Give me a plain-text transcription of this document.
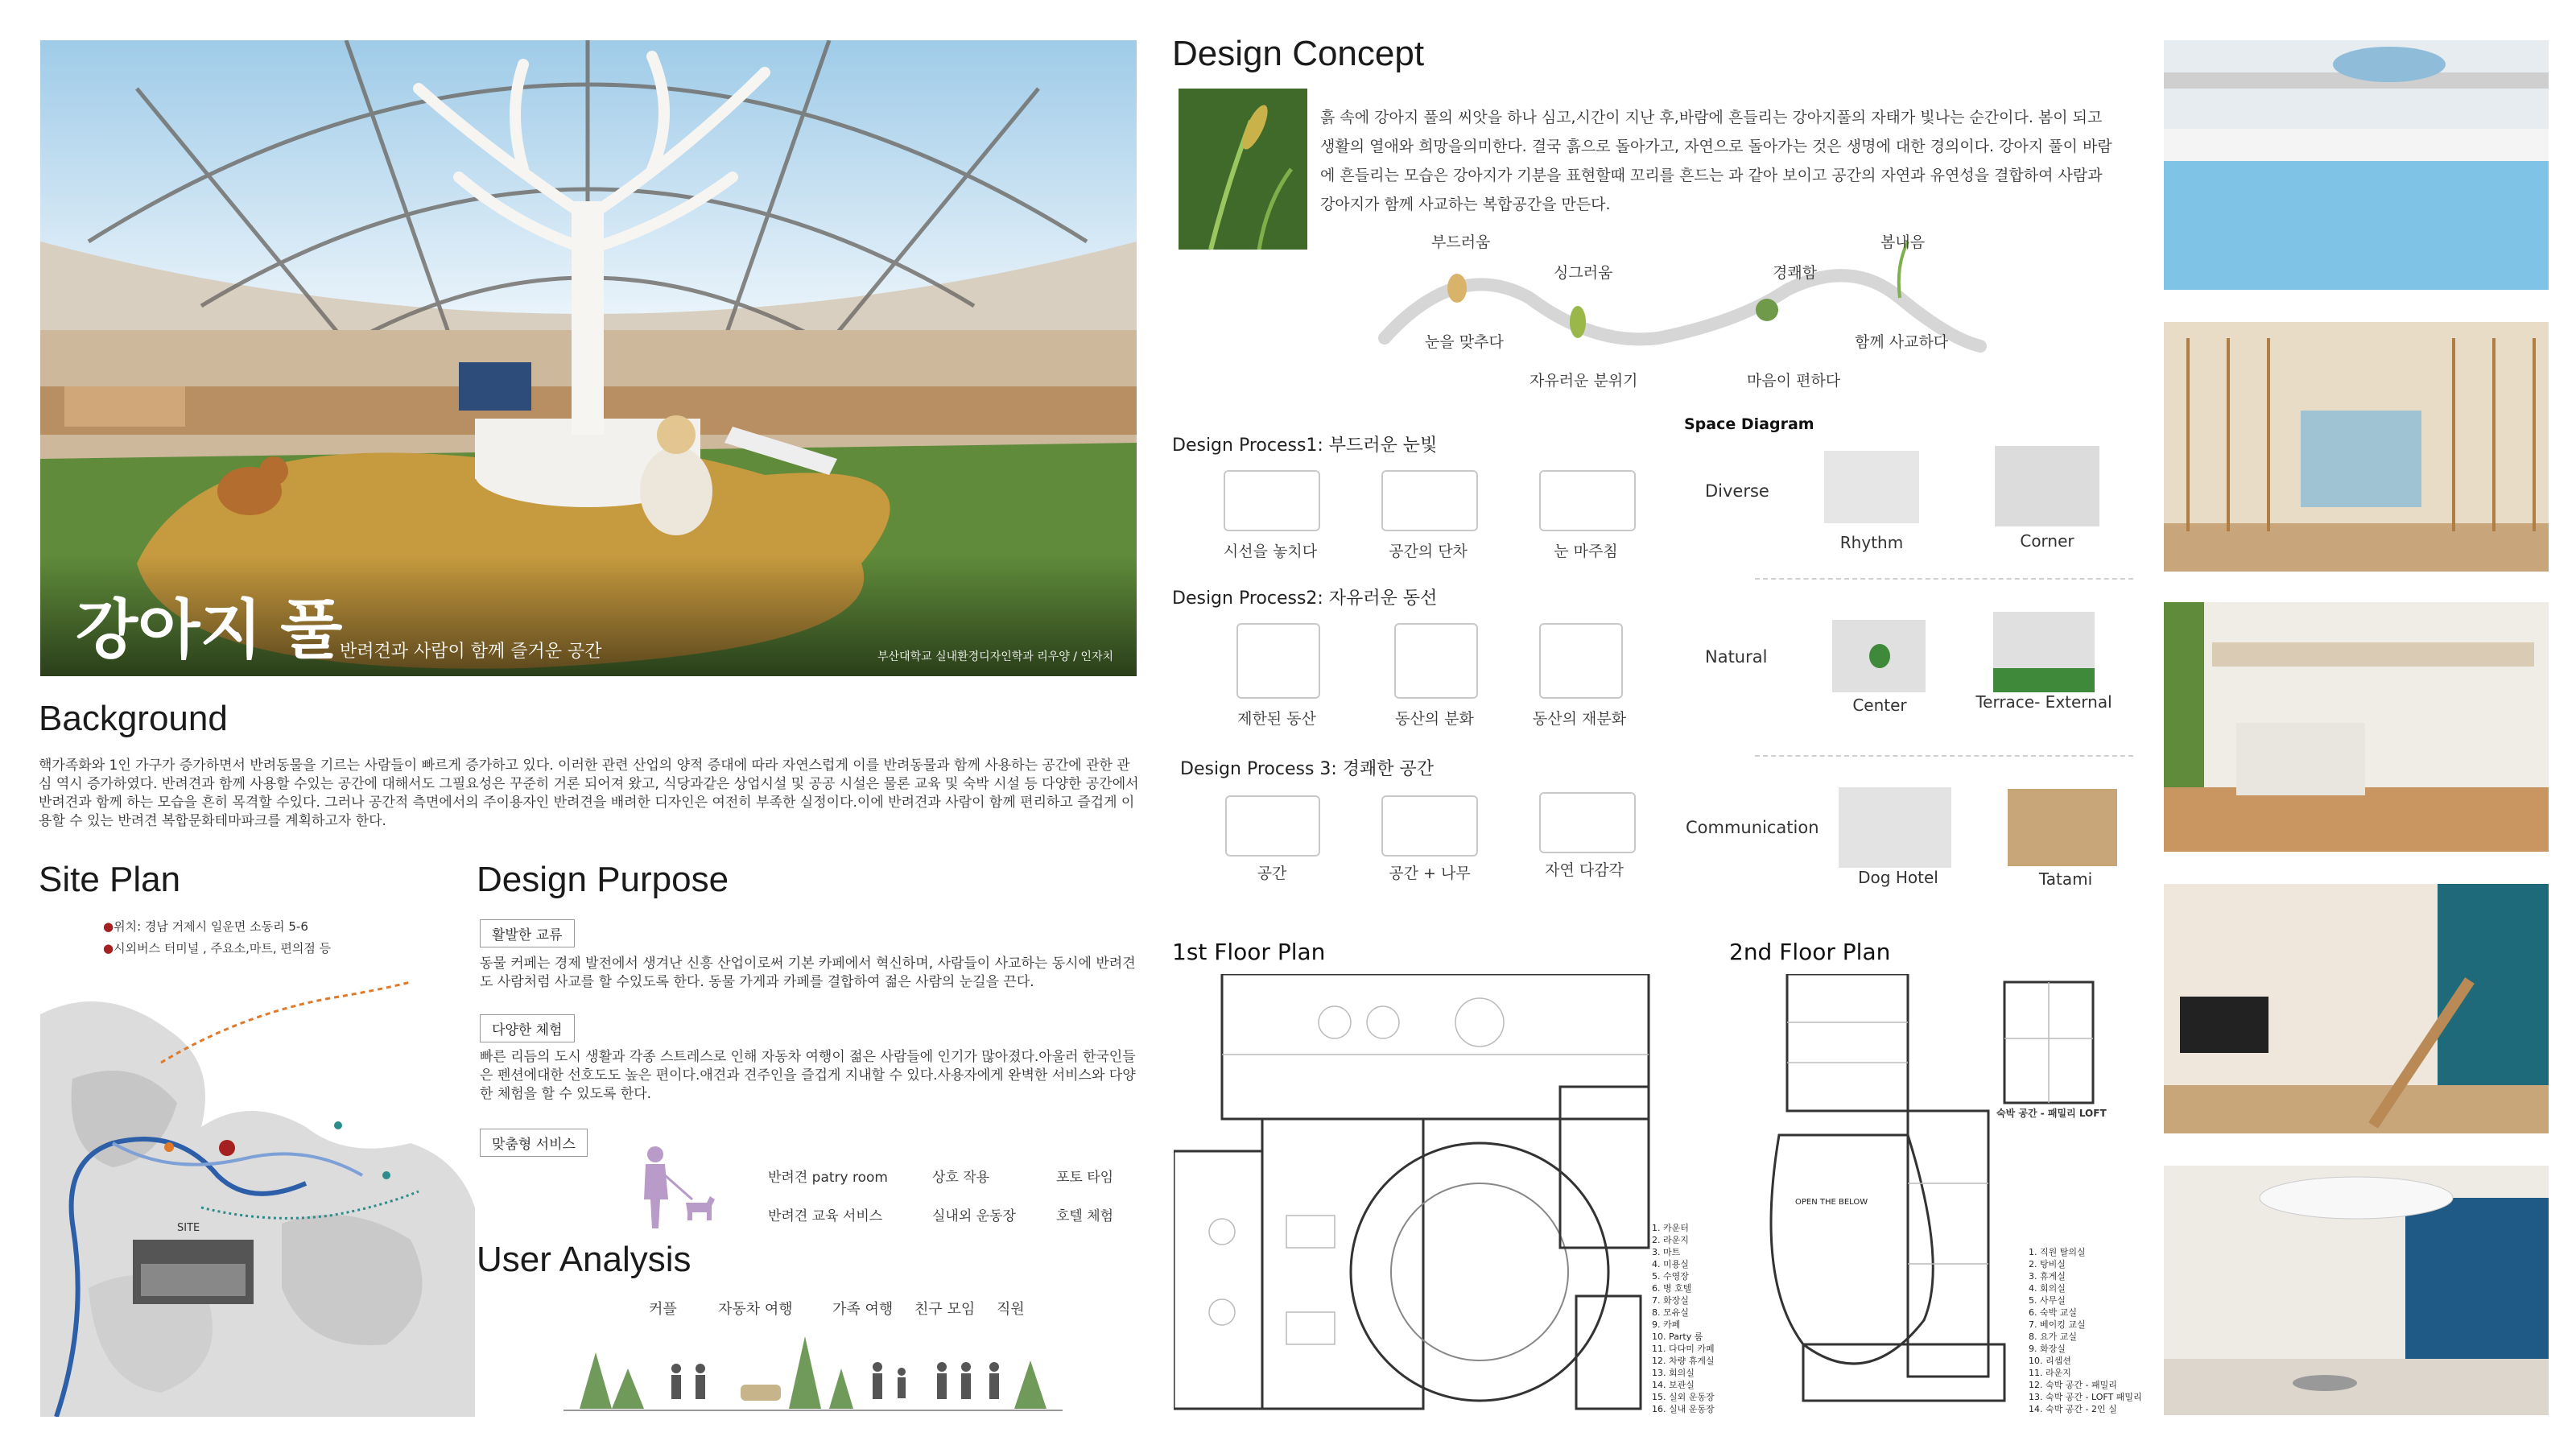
강아지 풀
반려견과 사람이 함께 즐거운 공간	부산대학교 실내환경디자인학과 리우양 / 인자치
Background
핵가족화와 1인 가구가 증가하면서 반려동물을 기르는 사람들이 빠르게 증가하고 있다. 이러한 관련 산업의 양적 증대에 따라 자연스럽게 이를 반려동물과 함께 사용하는 공간에 관한 관심 역시 증가하였다. 반려견과 함께 사용할 수있는 공간에 대해서도 그필요성은 꾸준히 거론 되어져 왔고, 식당과같은 상업시설 및 공공 시설은 물론 교육 및 숙박 시설 등 다양한 공간에서 반려견과 함께 하는 모습을 흔히 목격할 수있다. 그러나 공간적 측면에서의 주이용자인 반려견을 배려한 디자인은 여전히 부족한 실정이다.이에 반려견과 사람이 함께 편리하고 즐겁게 이용할 수 있는 반려견 복합문화테마파크를 계획하고자 한다.
Site Plan
●위치: 경남 거제시 일운면 소동리 5-6
●시외버스 터미널 , 주요소,마트, 편의점 등
SITE
Design Purpose
활발한 교류
동물 커페는 경제 발전에서 생겨난 신흥 산업이로써 기본 카페에서 혁신하며, 사람들이 사교하는 동시에 반려견도 사람처럼 사교를 할 수있도록 한다. 동물 가게과 카페를 결합하여 젊은 사람의 눈길을 끈다.
다양한 체험
빠른 리듬의 도시 생활과 각종 스트레스로 인해 자동차 여행이 젊은 사람들에 인기가 많아졌다.아울러 한국인들은 펜션에대한 선호도도 높은 편이다.애견과 견주인을 즐겁게 지내할 수 있다.사용자에게 완벽한 서비스와 다양한 체험을 할 수 있도록 한다.
맞춤형 서비스
반려견 patry room	상호 작용	포토 타임
반려견 교육 서비스	실내외 운동장	호텔 체험
User Analysis
커플	자동차 여행	가족 여행 친구 모임 직원
Design Concept
흙 속에 강아지 풀의 씨앗을 하나 심고,시간이 지난 후,바람에 흔들리는 강아지풀의 자태가 빛나는 순간이다. 봄이 되고 생활의 열애와 희망을의미한다. 결국 흙으로 돌아가고, 자연으로 돌아가는 것은 생명에 대한 경의이다. 강아지 풀이 바람에 흔들리는 모습은 강아지가 기분을 표현할때 꼬리를 흔드는 과 같아 보이고 공간의 자연과 유연성을 결합하여 사람과 강아지가 함께 사교하는 복합공간을 만든다.
부드러움
싱그러움	경쾌함
봄내음
눈을 맞추다
자유러운 분위기	마음이 편하다
함께 사교하다
Design Process1: 부드러운 눈빛
시선을 놓치다	공간의 단차	눈 마주침
Design Process2: 자유러운 동선
제한된 동산	동산의 분화	동산의 재분화
Design Process 3: 경쾌한 공간
공간	공간 + 나무	자연 다감각
Space Diagram
Diverse
Rhythm	Corner
Natural
Center	Terrace- External
Communication
Dog Hotel	Tatami
1st Floor Plan
1. 카운터
2. 라운지
3. 마트
4. 미용실
5. 수영장
6. 병 호텔
7. 화장실
8. 모유실
9. 카페
10. Party 룸
11. 다다미 카페
12. 차량 휴게실
13. 회의실
14. 보관실
15. 실외 운동장
16. 실내 운동장
2nd Floor Plan
OPEN THE BELOW
숙박 공간 - 패밀리 LOFT
1. 직원 탈의실
2. 탕비실
3. 휴게실
4. 회의실
5. 사무실
6. 숙박 교실
7. 베이킹 교실
8. 요가 교실
9. 화장실
10. 리셉션
11. 라운지
12. 숙박 공간 - 패밀리
13. 숙박 공간 - LOFT 패밀리
14. 숙박 공간 - 2인 실
